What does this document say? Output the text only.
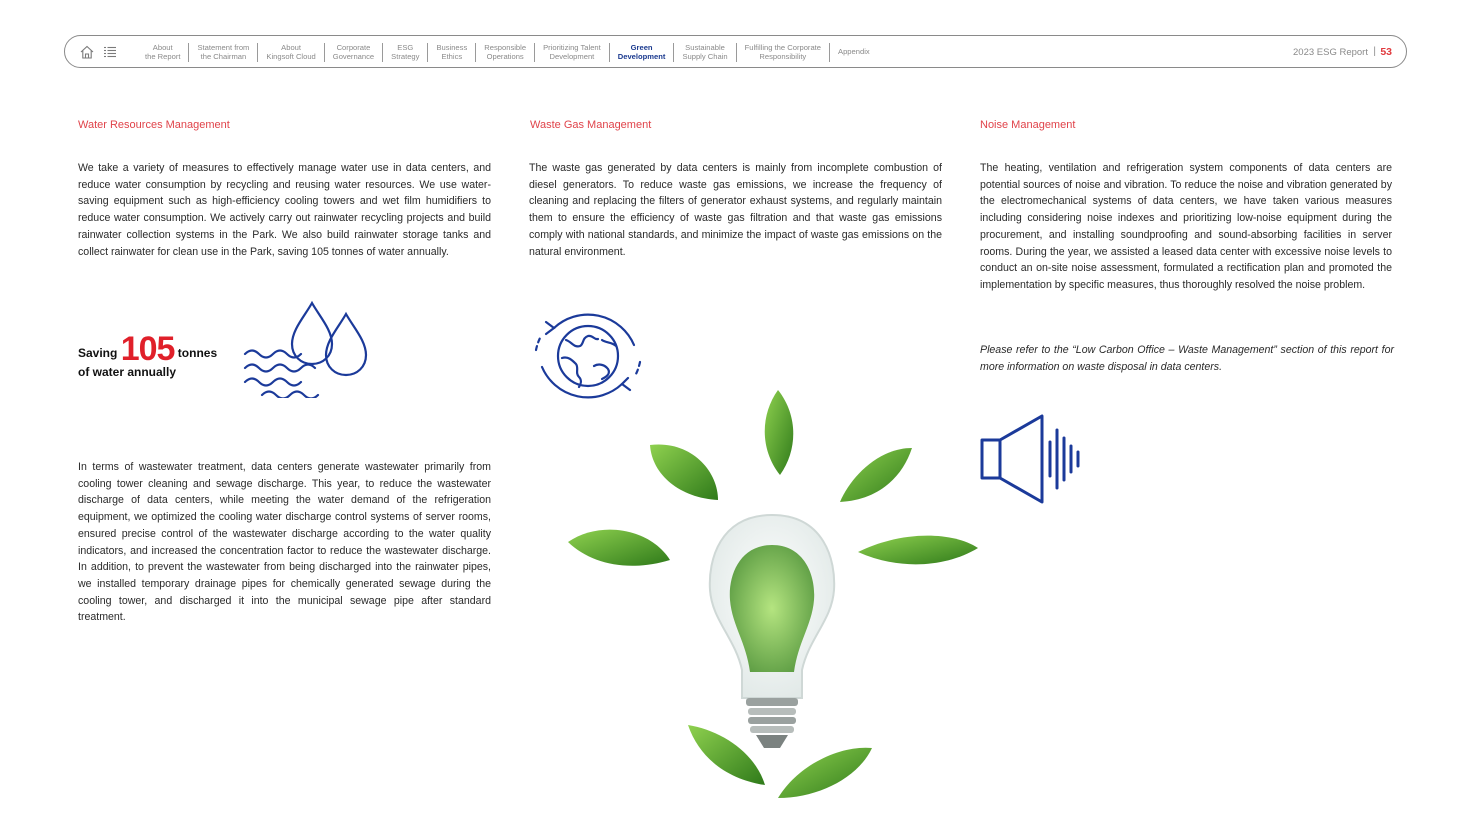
About
the Report
Statement from
the Chairman
About
Kingsoft Cloud
Corporate
Governance
ESG
Strategy
Business
Ethics
Responsible
Operations
Prioritizing Talent
Development
Green
Development
Sustainable
Supply Chain
Fulfilling the Corporate
Responsibility
Appendix	2023 ESG Report | 53
Water Resources Management

We take a variety of measures to effectively manage water use in data centers, and reduce water consumption by recycling and reusing water resources. We use water-saving equipment such as high-efficiency cooling towers and wet film humidifiers to reduce water consumption. We actively carry out rainwater recycling projects and build rainwater collection systems in the Park. We also build rainwater storage tanks and collect rainwater for clean use in the Park, saving 105 tonnes of water annually.

Saving 105 tonnes
of water annually

In terms of wastewater treatment, data centers generate wastewater primarily from cooling tower cleaning and sewage discharge. This year, to reduce the wastewater discharge of data centers, while meeting the water demand of the refrigeration equipment, we optimized the cooling water discharge control systems of server rooms, ensured precise control of the wastewater discharge according to the water quality indicators, and increased the concentration factor to reduce the wastewater discharge. In addition, to prevent the wastewater from being discharged into the rainwater pipes, we installed temporary drainage pipes for chemically generated sewage during the cooling tower, and discharged it into the municipal sewage pipe after standard treatment.

Waste Gas Management

The waste gas generated by data centers is mainly from incomplete combustion of diesel generators. To reduce waste gas emissions, we increase the frequency of cleaning and replacing the filters of generator exhaust systems, and regularly maintain them to ensure the efficiency of waste gas filtration and that waste gas emissions comply with national standards, and minimize the impact of waste gas emissions on the natural environment.

Noise Management

The heating, ventilation and refrigeration system components of data centers are potential sources of noise and vibration. To reduce the noise and vibration generated by the electromechanical systems of data centers, we have taken various measures including considering noise indexes and prioritizing low-noise equipment during the procurement, and installing soundproofing and sound-absorbing facilities in server rooms. During the year, we assisted a leased data center with excessive noise levels to conduct an on-site noise assessment, formulated a rectification plan and promoted the implementation by specific measures, thus thoroughly resolved the noise problem.

Please refer to the “Low Carbon Office – Waste Management” section of this report for more information on waste disposal in data centers.
